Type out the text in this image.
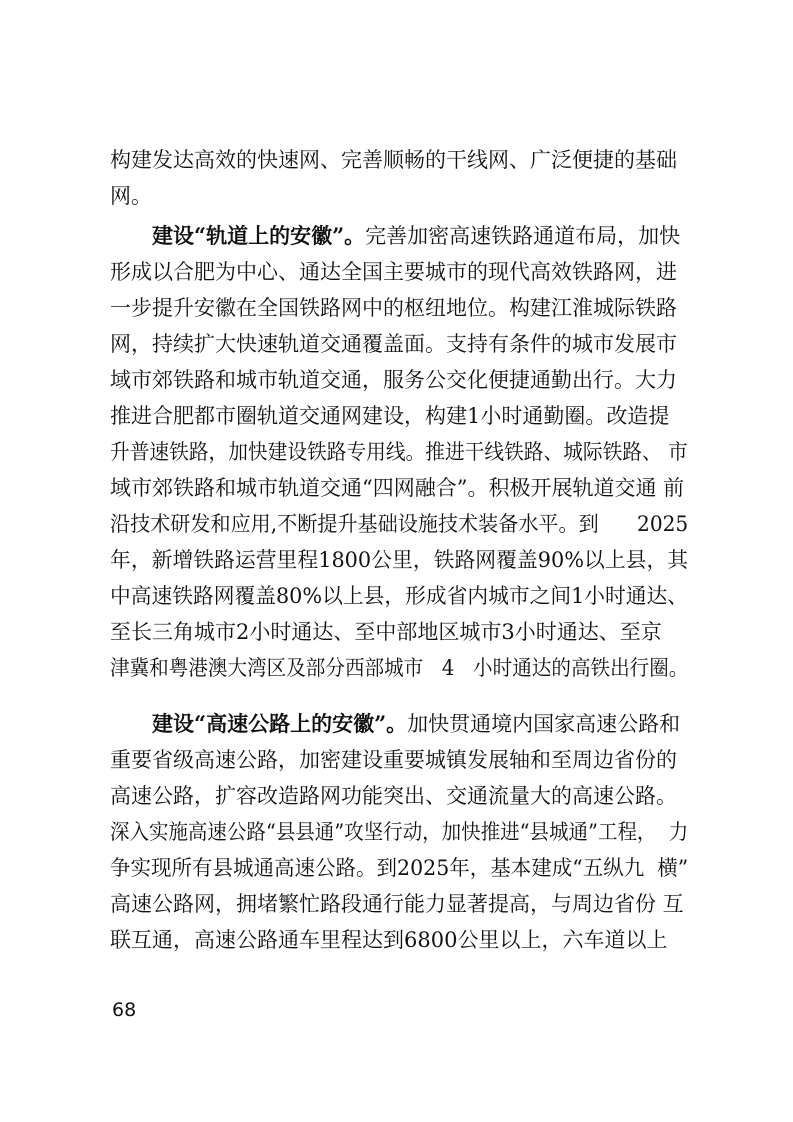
构建发达高效的快速网、完善顺畅的干线网、广泛便捷的基础
网。
建设“轨道上的安徽”。完善加密高速铁路通道布局，加快
形成以合肥为中心、通达全国主要城市的现代高效铁路网，进
一步提升安徽在全国铁路网中的枢纽地位。构建江淮城际铁路
网，持续扩大快速轨道交通覆盖面。支持有条件的城市发展市
域市郊铁路和城市轨道交通，服务公交化便捷通勤出行。大力
推进合肥都市圈轨道交通网建设，构建1小时通勤圈。改造提
升普速铁路，加快建设铁路专用线。推进干线铁路、城际铁路、 市
域市郊铁路和城市轨道交通“四网融合”。积极开展轨道交通 前
沿技术研发和应用,不断提升基础设施技术装备水平。到      2025
年，新增铁路运营里程1800公里，铁路网覆盖90%以上县，其
中高速铁路网覆盖80%以上县，形成省内城市之间1小时通达、
至长三角城市2小时通达、至中部地区城市3小时通达、至京
津冀和粤港澳大湾区及部分西部城市   4   小时通达的高铁出行圈。
建设“高速公路上的安徽”。加快贯通境内国家高速公路和
重要省级高速公路，加密建设重要城镇发展轴和至周边省份的
高速公路，扩容改造路网功能突出、交通流量大的高速公路。
深入实施高速公路“县县通”攻坚行动，加快推进“县城通”工程，  力
争实现所有县城通高速公路。到2025年，基本建成“五纵九  横”
高速公路网，拥堵繁忙路段通行能力显著提高，与周边省份 互
联互通，高速公路通车里程达到6800公里以上，六车道以上
68
